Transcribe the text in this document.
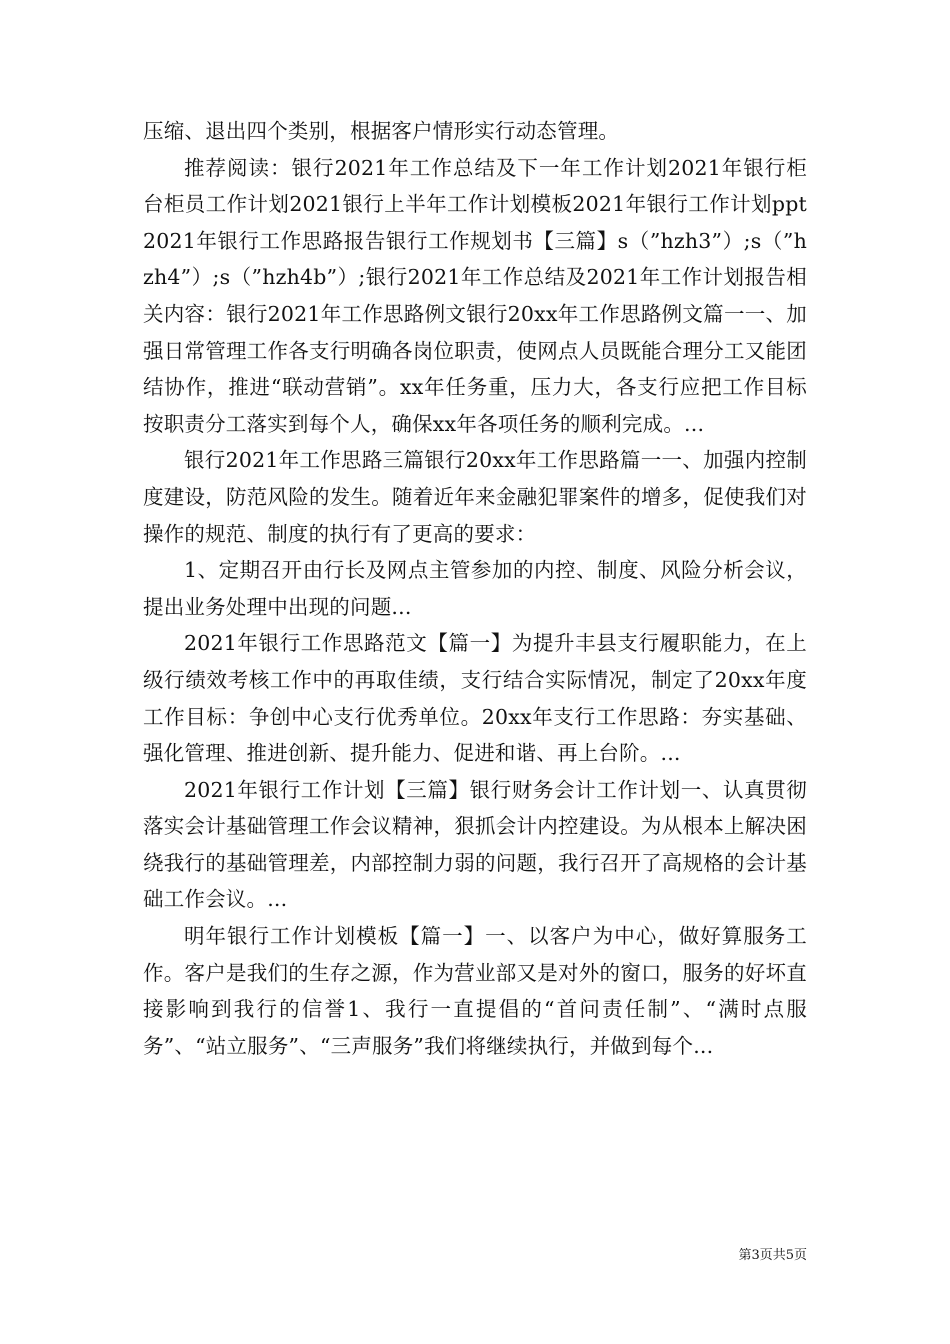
压缩、退出四个类别，根据客户情形实行动态管理。

推荐阅读：银行2021年工作总结及下一年工作计划2021年银行柜台柜员工作计划2021银行上半年工作计划模板2021年银行工作计划ppt2021年银行工作思路报告银行工作规划书【三篇】s（”hzh3”）;s（”hzh4”）;s（”hzh4b”）;银行2021年工作总结及2021年工作计划报告相关内容：银行2021年工作思路例文银行20xx年工作思路例文篇一一、加强日常管理工作各支行明确各岗位职责，使网点人员既能合理分工又能团结协作，推进“联动营销”。xx年任务重，压力大，各支行应把工作目标按职责分工落实到每个人，确保xx年各项任务的顺利完成。...

银行2021年工作思路三篇银行20xx年工作思路篇一一、加强内控制度建设，防范风险的发生。随着近年来金融犯罪案件的增多，促使我们对操作的规范、制度的执行有了更高的要求：

1、定期召开由行长及网点主管参加的内控、制度、风险分析会议，提出业务处理中出现的问题...

2021年银行工作思路范文【篇一】为提升丰县支行履职能力，在上级行绩效考核工作中的再取佳绩，支行结合实际情况，制定了20xx年度工作目标：争创中心支行优秀单位。20xx年支行工作思路：夯实基础、强化管理、推进创新、提升能力、促进和谐、再上台阶。...

2021年银行工作计划【三篇】银行财务会计工作计划一、认真贯彻落实会计基础管理工作会议精神，狠抓会计内控建设。为从根本上解决困绕我行的基础管理差，内部控制力弱的问题，我行召开了高规格的会计基础工作会议。...

明年银行工作计划模板【篇一】一、以客户为中心，做好算服务工作。客户是我们的生存之源，作为营业部又是对外的窗口，服务的好坏直接影响到我行的信誉1、我行一直提倡的“首问责任制”、“满时点服务”、“站立服务”、“三声服务”我们将继续执行，并做到每个...

第3页共5页
